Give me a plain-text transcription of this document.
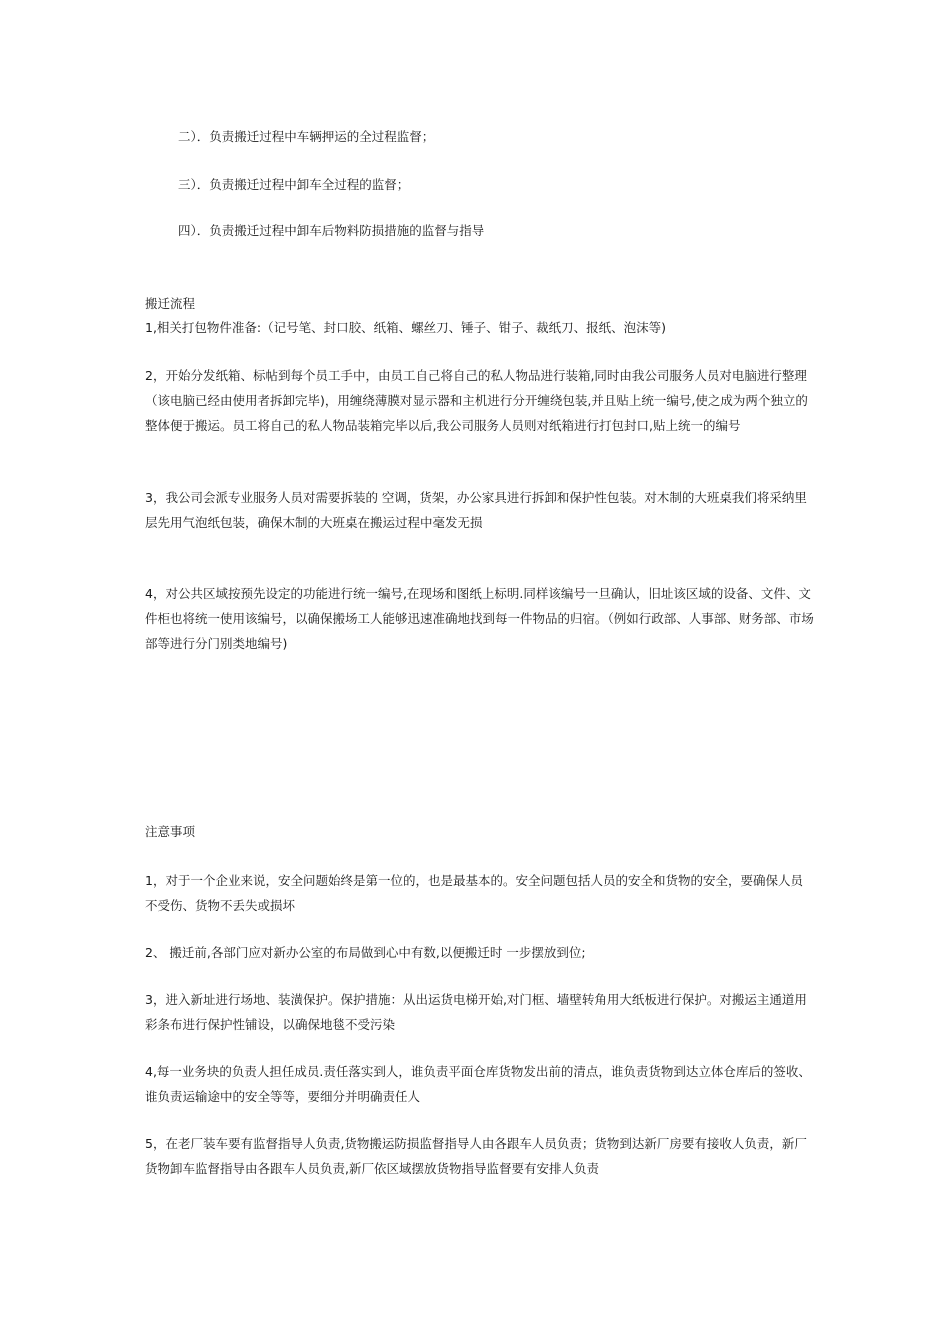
二）．负责搬迁过程中车辆押运的全过程监督；
三）．负责搬迁过程中卸车全过程的监督；
四）．负责搬迁过程中卸车后物料防损措施的监督与指导
搬迁流程
1,相关打包物件准备:（记号笔、封口胶、纸箱、螺丝刀、锤子、钳子、裁纸刀、报纸、泡沫等)
2，开始分发纸箱、标帖到每个员工手中，由员工自己将自己的私人物品进行装箱,同时由我公司服务人员对电脑进行整理（该电脑已经由使用者拆卸完毕)，用缠绕薄膜对显示器和主机进行分开缠绕包装,并且贴上统一编号,使之成为两个独立的整体便于搬运。员工将自己的私人物品装箱完毕以后,我公司服务人员则对纸箱进行打包封口,贴上统一的编号
3，我公司会派专业服务人员对需要拆装的 空调，货架，办公家具进行拆卸和保护性包装。对木制的大班桌我们将采纳里层先用气泡纸包装，确保木制的大班桌在搬运过程中毫发无损
4，对公共区域按预先设定的功能进行统一编号,在现场和图纸上标明.同样该编号一旦确认，旧址该区域的设备、文件、文件柜也将统一使用该编号，以确保搬场工人能够迅速准确地找到每一件物品的归宿。（例如行政部、人事部、财务部、市场部等进行分门别类地编号)
注意事项
1，对于一个企业来说，安全问题始终是第一位的，也是最基本的。安全问题包括人员的安全和货物的安全，要确保人员不受伤、货物不丢失或损坏
2、 搬迁前,各部门应对新办公室的布局做到心中有数,以便搬迁时 一步摆放到位;
3，进入新址进行场地、装潢保护。保护措施：从出运货电梯开始,对门框、墙壁转角用大纸板进行保护。对搬运主通道用彩条布进行保护性铺设，以确保地毯不受污染
4,每一业务块的负责人担任成员.责任落实到人，谁负责平面仓库货物发出前的清点，谁负责货物到达立体仓库后的签收、谁负责运输途中的安全等等，要细分并明确责任人
5，在老厂装车要有监督指导人负责,货物搬运防损监督指导人由各跟车人员负责；货物到达新厂房要有接收人负责，新厂货物卸车监督指导由各跟车人员负责,新厂依区域摆放货物指导监督要有安排人负责
